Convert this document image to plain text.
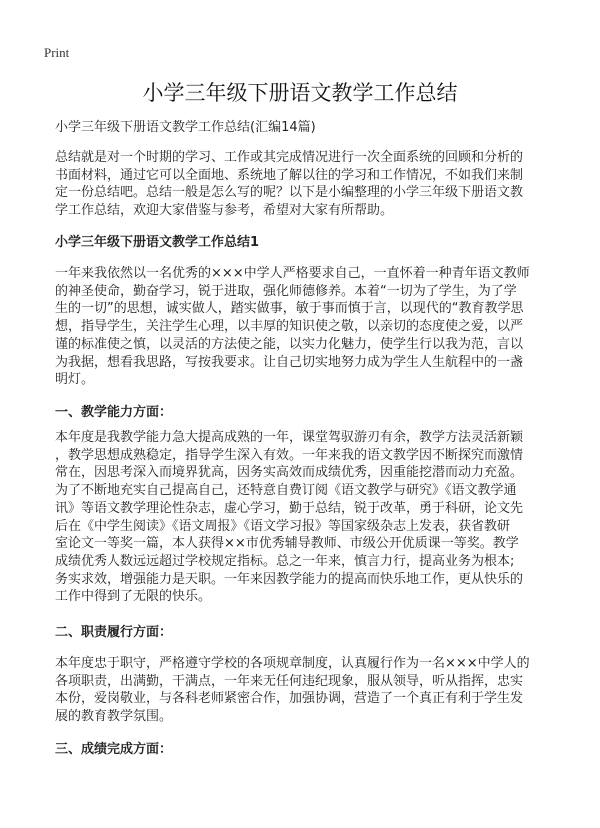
Print
小学三年级下册语文教学工作总结
小学三年级下册语文教学工作总结(汇编14篇)
总结就是对一个时期的学习、工作或其完成情况进行一次全面系统的回顾和分析的
书面材料，通过它可以全面地、系统地了解以往的学习和工作情况，不如我们来制
定一份总结吧。总结一般是怎么写的呢？以下是小编整理的小学三年级下册语文教
学工作总结，欢迎大家借鉴与参考，希望对大家有所帮助。
小学三年级下册语文教学工作总结1
一年来我依然以一名优秀的×××中学人严格要求自己，一直怀着一种青年语文教师
的神圣使命，勤奋学习，锐于进取，强化师德修养。本着“一切为了学生，为了学
生的一切”的思想，诚实做人，踏实做事，敏于事而慎于言，以现代的“教育教学思
想，指导学生，关注学生心理，以丰厚的知识使之敬，以亲切的态度使之爱，以严
谨的标准使之慎，以灵活的方法使之能，以实力化魅力，使学生行以我为范，言以
为我据，想看我思路，写按我要求。让自己切实地努力成为学生人生航程中的一盏
明灯。
一、教学能力方面：
本年度是我教学能力急大提高成熟的一年，课堂驾驭游刃有余，教学方法灵活新颖
，教学思想成熟稳定，指导学生深入有效。一年来我的语文教学因不断探究而激情
常在，因思考深入而境界犹高，因务实高效而成绩优秀，因重能挖潜而动力充盈。
为了不断地充实自己提高自己，还特意自费订阅《语文教学与研究》《语文教学通
讯》等语文教学理论性杂志，虚心学习，勤于总结，锐于改革，勇于科研，论文先
后在《中学生阅读》《语文周报》《语文学习报》等国家级杂志上发表，获省教研
室论文一等奖一篇，本人获得××市优秀辅导教师、市级公开优质课一等奖。教学
成绩优秀人数远远超过学校规定指标。总之一年来，慎言力行，提高业务为根本;
务实求效，增强能力是天职。一年来因教学能力的提高而快乐地工作，更从快乐的
工作中得到了无限的快乐。
二、职责履行方面：
本年度忠于职守，严格遵守学校的各项规章制度，认真履行作为一名×××中学人的
各项职责，出满勤，干满点，一年来无任何违纪现象，服从领导，听从指挥，忠实
本份，爱岗敬业，与各科老师紧密合作，加强协调，营造了一个真正有利于学生发
展的教育教学氛围。
三、成绩完成方面：
